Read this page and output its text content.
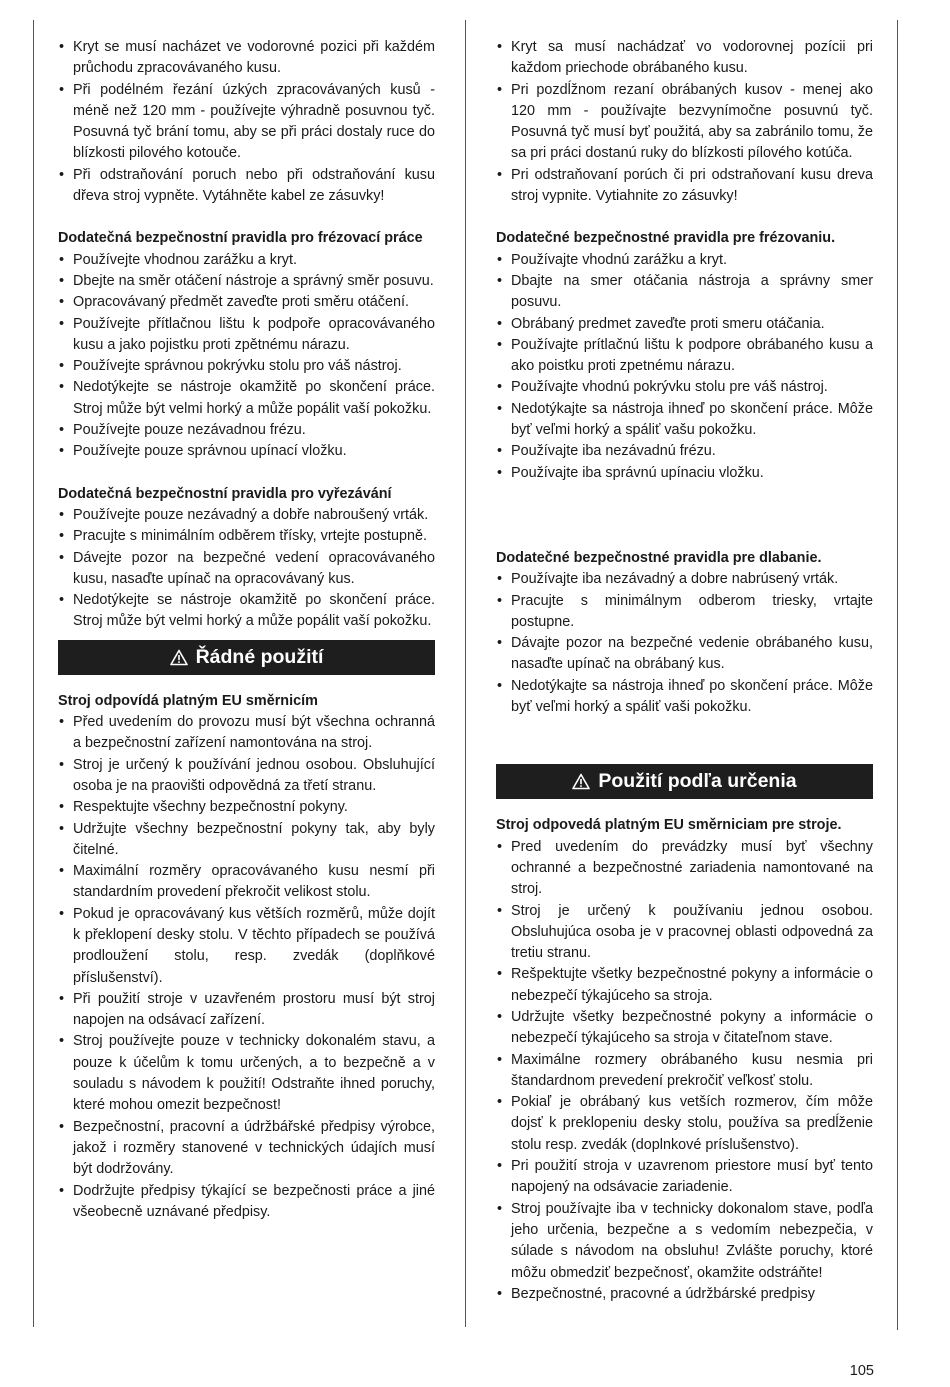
• Kryt se musí nacházet ve vodorovné pozici při každém průchodu zpracovávaného kusu.
• Při podélném řezání úzkých zpracovávaných kusů - méně než 120 mm - používejte výhradně posuvnou tyč. Posuvná tyč brání tomu, aby se při práci dostaly ruce do blízkosti pilového kotouče.
• Při odstraňování poruch nebo při odstraňování kusu dřeva stroj vypněte. Vytáhněte kabel ze zásuvky!

Dodatečná bezpečnostní pravidla pro frézovací práce

• Používejte vhodnou zarážku a kryt.
• Dbejte na směr otáčení nástroje a správný směr posuvu.
• Opracovávaný předmět zaveďte proti směru otáčení.
• Používejte přítlačnou lištu k podpoře opracovávaného kusu a jako pojistku proti zpětnému nárazu.
• Používejte správnou pokrývku stolu pro váš nástroj.
• Nedotýkejte se nástroje okamžitě po skončení práce. Stroj může být velmi horký a může popálit vaší pokožku.
• Používejte pouze nezávadnou frézu.
• Používejte pouze správnou upínací vložku.

Dodatečná bezpečnostní pravidla pro vyřezávání

• Používejte pouze nezávadný a dobře nabroušený vrták.
• Pracujte s minimálním odběrem třísky, vrtejte postupně.
• Dávejte pozor na bezpečné vedení opracovávaného kusu, nasaďte upínač na opracovávaný kus.
• Nedotýkejte se nástroje okamžitě po skončení práce. Stroj může být velmi horký a může popálit vaší pokožku.
Řádné použití

Stroj odpovídá platným EU směrnicím

• Před uvedením do provozu musí být všechna ochranná a bezpečnostní zařízení namontována na stroj.
• Stroj je určený k používání jednou osobou. Obsluhující osoba je na praovišti odpovědná za třetí stranu.
• Respektujte všechny bezpečnostní pokyny.
• Udržujte všechny bezpečnostní pokyny tak, aby byly čitelné.
• Maximální rozměry opracovávaného kusu nesmí při standardním provedení překročit velikost stolu.
• Pokud je opracovávaný kus větších rozměrů, může dojít k překlopení desky stolu. V těchto případech se používá prodloužení stolu, resp. zvedák (doplňkové příslušenství).
• Při použití stroje v uzavřeném prostoru musí být stroj napojen na odsávací zařízení.
• Stroj používejte pouze v technicky dokonalém stavu, a pouze k účelům k tomu určených, a to bezpečně a v souladu s návodem k použití! Odstraňte ihned poruchy, které mohou omezit bezpečnost!
• Bezpečnostní, pracovní a údržbářské předpisy výrobce, jakož i rozměry stanovené v technických údajích musí být dodržovány.
• Dodržujte předpisy týkající se bezpečnosti práce a jiné všeobecně uznávané předpisy.
• Kryt sa musí nachádzať vo vodorovnej pozícii pri každom priechode obrábaného kusu.
• Pri pozdĺžnom rezaní obrábaných kusov - menej ako 120 mm - používajte bezvynímočne posuvnú tyč. Posuvná tyč musí byť použitá, aby sa zabránilo tomu, že sa pri práci dostanú ruky do blízkosti pílového kotúča.
• Pri odstraňovaní porúch či pri odstraňovaní kusu dreva stroj vypnite. Vytiahnite zo zásuvky!

Dodatečné bezpečnostné pravidla pre frézovaniu.

• Používajte vhodnú zarážku a kryt.
• Dbajte na smer otáčania nástroja a správny smer posuvu.
• Obrábaný predmet zaveďte proti smeru otáčania.
• Používajte prítlačnú lištu k podpore obrábaného kusu a ako poistku proti zpetnému nárazu.
• Používajte vhodnú pokrývku stolu pre váš nástroj.
• Nedotýkajte sa nástroja ihneď po skončení práce. Môže byť veľmi horký a spáliť vašu pokožku.
• Používajte iba nezávadnú frézu.
• Používajte iba správnú upínaciu vložku.

Dodatečné bezpečnostné pravidla pre dlabanie.

• Používajte iba nezávadný a dobre nabrúsený vrták.
• Pracujte s minimálnym odberom triesky, vrtajte postupne.
• Dávajte pozor na bezpečné vedenie obrábaného kusu, nasaďte upínač na obrábaný kus.
• Nedotýkajte sa nástroja ihneď po skončení práce. Môže byť veľmi horký a spáliť vaši pokožku.
Použití podľa určenia

Stroj odpovedá platným EU směrniciam pre stroje.

• Pred uvedením do prevádzky musí byť všechny ochranné a bezpečnostné zariadenia namontované na stroj.
• Stroj je určený k používaniu jednou osobou. Obsluhujúca osoba je v pracovnej oblasti odpovedná za tretiu stranu.
• Rešpektujte všetky bezpečnostné pokyny a informácie o nebezpečí týkajúceho sa stroja.
• Udržujte všetky bezpečnostné pokyny a informácie o nebezpečí týkajúceho sa stroja v čitateľnom stave.
• Maximálne rozmery obrábaného kusu nesmia pri štandardnom prevedení prekročiť veľkosť stolu.
• Pokiaľ je obrábaný kus vetších rozmerov, čím môže dojsť k preklopeniu desky stolu, používa sa predĺženie stolu resp. zvedák (doplnkové príslušenstvo).
• Pri použití stroja v uzavrenom priestore musí byť tento napojený na odsávacie zariadenie.
• Stroj používajte iba v technicky dokonalom stave, podľa jeho určenia, bezpečne a s vedomím nebezpečia, v súlade s návodom na obsluhu! Zvlášte poruchy, ktoré môžu obmedziť bezpečnosť, okamžite odstráňte!
• Bezpečnostné, pracovné a údržbárské predpisy
105
